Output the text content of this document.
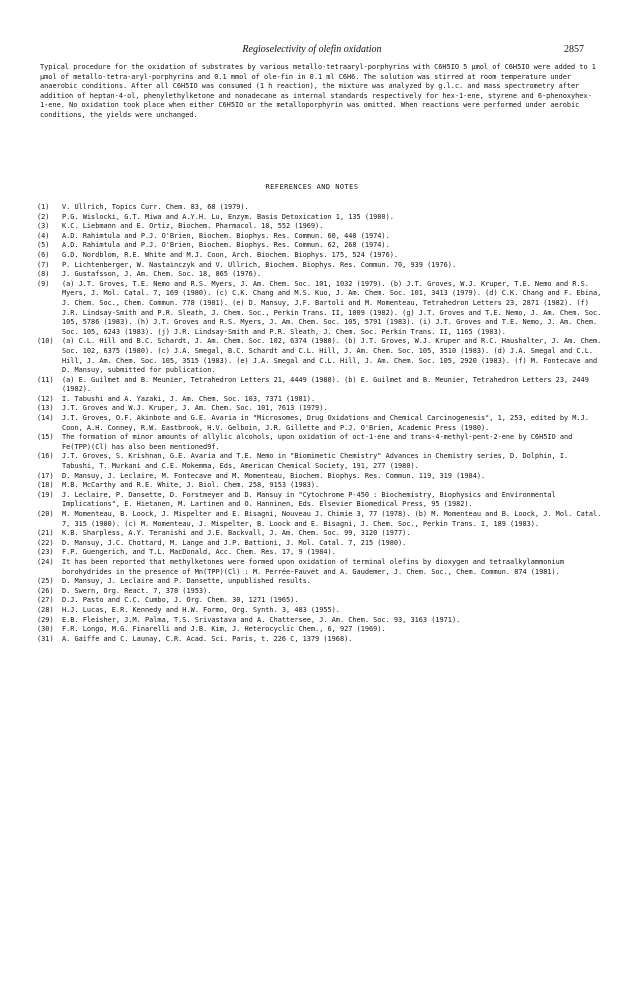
Regioselectivity of olefin oxidation	2857

Typical procedure for the oxidation of substrates by various metallo-tetraaryl-porphyrins with C6H5IO 5 μmol of C6H5IO were added to 1 μmol of metallo-tetra-aryl-porphyrins and 0.1 mmol of ole-fin in 0.1 ml C6H6. The solution was stirred at room temperature under anaerobic conditions. After all C6H5IO was consumed (1 h reaction), the mixture was analyzed by g.l.c. and mass spectrometry after addition of heptan-4-ol, phenylethylketone and nonadecane as internal standards respectively for hex-1-ene, styrene and 6-phenoxyhex-1-ene. No oxidation took place when either C6H5IO or the metalloporphyrin was omitted. When reactions were performed under aerobic conditions, the yields were unchanged.

REFERENCES AND NOTES
(1)	V. Ullrich, Topics Curr. Chem. 83, 68 (1979).
(2)	P.G. Wislocki, G.T. Miwa and A.Y.H. Lu, Enzym. Basis Detoxication 1, 135 (1980).
(3)	K.C. Liebmann and E. Ortiz, Biochem. Pharmacol. 18, 552 (1969).
(4)	A.D. Rahimtula and P.J. O'Brien, Biochem. Biophys. Res. Commun. 60, 440 (1974).
(5)	A.D. Rahimtula and P.J. O'Brien, Biochem. Biophys. Res. Commun. 62, 268 (1974).
(6)	G.D. Nordblom, R.E. White and M.J. Coon, Arch. Biochem. Biophys. 175, 524 (1976).
(7)	P. Lichtenberger, W. Nastainczyk and V. Ullrich, Biochem. Biophys. Res. Commun. 70, 939 (1976).
(8)	J. Gustafsson, J. Am. Chem. Soc. 18, 865 (1976).
(9)	(a) J.T. Groves, T.E. Nemo and R.S. Myers, J. Am. Chem. Soc. 101, 1032 (1979). (b) J.T. Groves, W.J. Kruper, T.E. Nemo and R.S. Myers, J. Mol. Catal. 7, 169 (1980). (c) C.K. Chang and M.S. Kuo, J. Am. Chem. Soc. 101, 3413 (1979). (d) C.K. Chang and F. Ebina, J. Chem. Soc., Chem. Commun. 778 (1981). (e) D. Mansuy, J.F. Bartoli and M. Momenteau, Tetrahedron Letters 23, 2871 (1982). (f) J.R. Lindsay-Smith and P.R. Sleath, J. Chem. Soc., Perkin Trans. II, 1009 (1982). (g) J.T. Groves and T.E. Nemo, J. Am. Chem. Soc. 105, 5786 (1983). (h) J.T. Groves and R.S. Myers, J. Am. Chem. Soc. 105, 5791 (1983). (i) J.T. Groves and T.E. Nemo, J. Am. Chem. Soc. 105, 6243 (1983). (j) J.R. Lindsay-Smith and P.R. Sleath, J. Chem. Soc. Perkin Trans. II, 1165 (1983).
(10)	(a) C.L. Hill and B.C. Schardt, J. Am. Chem. Soc. 102, 6374 (1980). (b) J.T. Groves, W.J. Kruper and R.C. Haushalter, J. Am. Chem. Soc. 102, 6375 (1980). (c) J.A. Smegal, B.C. Schardt and C.L. Hill, J. Am. Chem. Soc. 105, 3510 (1983). (d) J.A. Smegal and C.L. Hill, J. Am. Chem. Soc. 105, 3515 (1983). (e) J.A. Smegal and C.L. Hill, J. Am. Chem. Soc. 105, 2920 (1983). (f) M. Fontecave and D. Mansuy, submitted for publication.
(11)	(a) E. Guilmet and B. Meunier, Tetrahedron Letters 21, 4449 (1980). (b) E. Guilmet and B. Meunier, Tetrahedron Letters 23, 2449 (1982).
(12)	I. Tabushi and A. Yazaki, J. Am. Chem. Soc. 103, 7371 (1981).
(13)	J.T. Groves and W.J. Kruper, J. Am. Chem. Soc. 101, 7613 (1979).
(14)	J.T. Groves, O.F. Akinbote and G.E. Avaria in "Microsomes, Drug Oxidations and Chemical Carcinogenesis", 1, 253, edited by M.J. Coon, A.H. Conney, R.W. Eastbrook, H.V. Gelboin, J.R. Gillette and P.J. O'Brien, Academic Press (1980).
(15)	The formation of minor amounts of allylic alcohols, upon oxidation of oct-1-ene and trans-4-methyl-pent-2-ene by C6H5IO and Fe(TPP)(Cl) has also been mentioned9f.
(16)	J.T. Groves, S. Krishnan, G.E. Avaria and T.E. Nemo in "Biomimetic Chemistry" Advances in Chemistry series, D. Dolphin, I. Tabushi, T. Murkani and C.E. Mokemma, Eds, American Chemical Society, 191, 277 (1980).
(17)	D. Mansuy, J. Leclaire, M. Fontecave and M. Momenteau, Biochem. Biophys. Res. Commun. 119, 319 (1984).
(18)	M.B. McCarthy and R.E. White, J. Biol. Chem. 258, 9153 (1983).
(19)	J. Leclaire, P. Dansette, D. Forstmeyer and D. Mansuy in "Cytochrome P-450 : Biochemistry, Biophysics and Environmental Implications", E. Hietanen, M. Lartinen and O. Hanninen, Eds. Elsevier Biomedical Press, 95 (1982).
(20)	M. Momenteau, B. Loock, J. Mispelter and E. Bisagni, Nouveau J. Chimie 3, 77 (1978). (b) M. Momenteau and B. Loock, J. Mol. Catal. 7, 315 (1980). (c) M. Momenteau, J. Mispelter, B. Loock and E. Bisagni, J. Chem. Soc., Perkin Trans. I, 189 (1983).
(21)	K.B. Sharpless, A.Y. Teranishi and J.E. Backvall, J. Am. Chem. Soc. 99, 3120 (1977).
(22)	D. Mansuy, J.C. Chottard, M. Lange and J.P. Battioni, J. Mol. Catal. 7, 215 (1980).
(23)	F.P. Guengerich, and T.L. MacDonald, Acc. Chem. Res. 17, 9 (1984).
(24)	It has been reported that methylketones were formed upon oxidation of terminal olefins by dioxygen and tetraalkylammonium borohydrides in the presence of Mn(TPP)(Cl) : M. Perrée-Fauvet and A. Gaudemer, J. Chem. Soc., Chem. Commun. 874 (1981).
(25)	D. Mansuy, J. Leclaire and P. Dansette, unpublished results.
(26)	D. Swern, Org. React. 7, 378 (1953).
(27)	D.J. Pasto and C.C. Cumbo, J. Org. Chem. 30, 1271 (1965).
(28)	H.J. Lucas, E.R. Kennedy and H.W. Formo, Org. Synth. 3, 483 (1955).
(29)	E.B. Fleisher, J.M. Palma, T.S. Srivastava and A. Chattersee, J. Am. Chem. Soc. 93, 3163 (1971).
(30)	F.R. Longo, M.G. Finarelli and J.B. Kim, J. Heterocyclic Chem., 6, 927 (1969).
(31)	A. Gaiffe and C. Launay, C.R. Acad. Sci. Paris, t. 226 C, 1379 (1968).
